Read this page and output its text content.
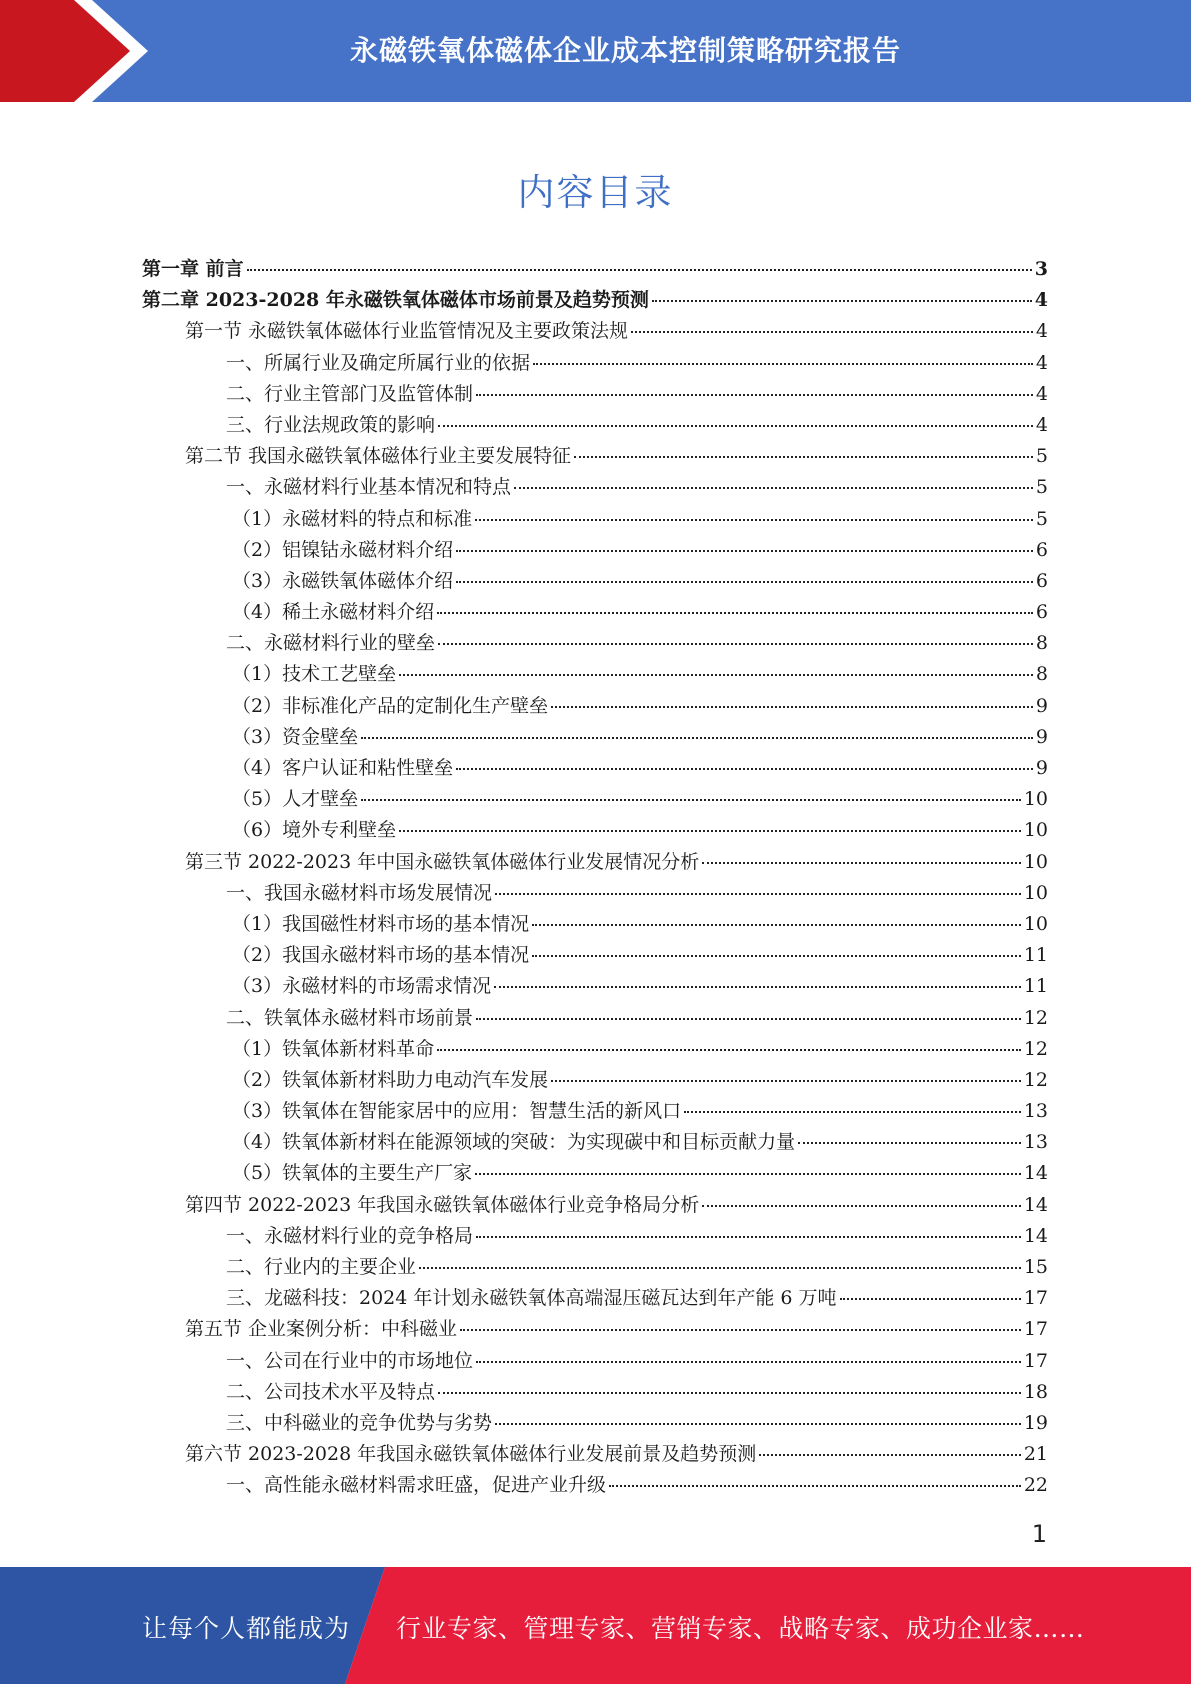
永磁铁氧体磁体企业成本控制策略研究报告
内容目录
第一章 前言	3
第二章 2023-2028 年永磁铁氧体磁体市场前景及趋势预测	4
第一节 永磁铁氧体磁体行业监管情况及主要政策法规	4
一、所属行业及确定所属行业的依据	4
二、行业主管部门及监管体制	4
三、行业法规政策的影响	4
第二节 我国永磁铁氧体磁体行业主要发展特征	5
一、永磁材料行业基本情况和特点	5
（1）永磁材料的特点和标准	5
（2）铝镍钴永磁材料介绍	6
（3）永磁铁氧体磁体介绍	6
（4）稀土永磁材料介绍	6
二、永磁材料行业的壁垒	8
（1）技术工艺壁垒	8
（2）非标准化产品的定制化生产壁垒	9
（3）资金壁垒	9
（4）客户认证和粘性壁垒	9
（5）人才壁垒	10
（6）境外专利壁垒	10
第三节 2022-2023 年中国永磁铁氧体磁体行业发展情况分析	10
一、我国永磁材料市场发展情况	10
（1）我国磁性材料市场的基本情况	10
（2）我国永磁材料市场的基本情况	11
（3）永磁材料的市场需求情况	11
二、铁氧体永磁材料市场前景	12
（1）铁氧体新材料革命	12
（2）铁氧体新材料助力电动汽车发展	12
（3）铁氧体在智能家居中的应用：智慧生活的新风口	13
（4）铁氧体新材料在能源领域的突破：为实现碳中和目标贡献力量	13
（5）铁氧体的主要生产厂家	14
第四节 2022-2023 年我国永磁铁氧体磁体行业竞争格局分析	14
一、永磁材料行业的竞争格局	14
二、行业内的主要企业	15
三、龙磁科技：2024 年计划永磁铁氧体高端湿压磁瓦达到年产能 6 万吨	17
第五节 企业案例分析：中科磁业	17
一、公司在行业中的市场地位	17
二、公司技术水平及特点	18
三、中科磁业的竞争优势与劣势	19
第六节 2023-2028 年我国永磁铁氧体磁体行业发展前景及趋势预测	21
一、高性能永磁材料需求旺盛，促进产业升级	22
1
让每个人都能成为 行业专家、管理专家、营销专家、战略专家、成功企业家……
